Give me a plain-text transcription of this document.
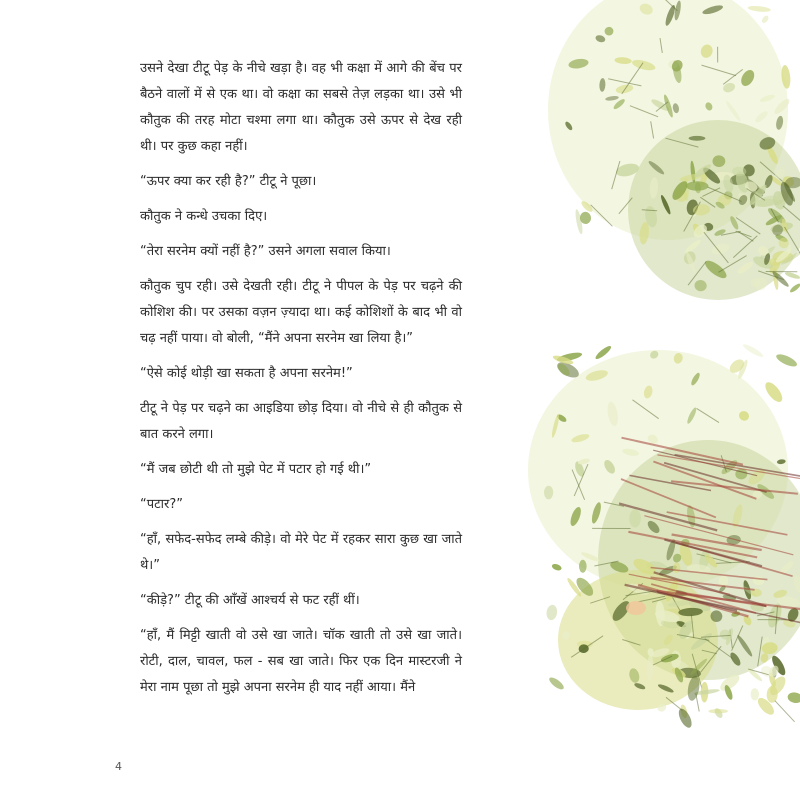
उसने देखा टीटू पेड़ के नीचे खड़ा है। वह भी कक्षा में आगे की बेंच पर बैठने वालों में से एक था। वो कक्षा का सबसे तेज़ लड़का था। उसे भी कौतुक की तरह मोटा चश्मा लगा था। कौतुक उसे ऊपर से देख रही थी। पर कुछ कहा नहीं।

“ऊपर क्या कर रही है?” टीटू ने पूछा।

कौतुक ने कन्धे उचका दिए।

“तेरा सरनेम क्यों नहीं है?” उसने अगला सवाल किया।

कौतुक चुप रही। उसे देखती रही। टीटू ने पीपल के पेड़ पर चढ़ने की कोशिश की। पर उसका वज़न ज़्यादा था। कई कोशिशों के बाद भी वो चढ़ नहीं पाया। वो बोली, “मैंने अपना सरनेम खा लिया है।”

“ऐसे कोई थोड़ी खा सकता है अपना सरनेम!”

टीटू ने पेड़ पर चढ़ने का आइडिया छोड़ दिया। वो नीचे से ही कौतुक से बात करने लगा।

“मैं जब छोटी थी तो मुझे पेट में पटार हो गई थी।”

“पटार?”

“हाँ, सफेद-सफेद लम्बे कीड़े। वो मेरे पेट में रहकर सारा कुछ खा जाते थे।”

“कीड़े?” टीटू की आँखें आश्चर्य से फट रहीं थीं।

“हाँ, मैं मिट्टी खाती वो उसे खा जाते। चॉक खाती तो उसे खा जाते। रोटी, दाल, चावल, फल - सब खा जाते। फिर एक दिन मास्टरजी ने मेरा नाम पूछा तो मुझे अपना सरनेम ही याद नहीं आया। मैंने

4
